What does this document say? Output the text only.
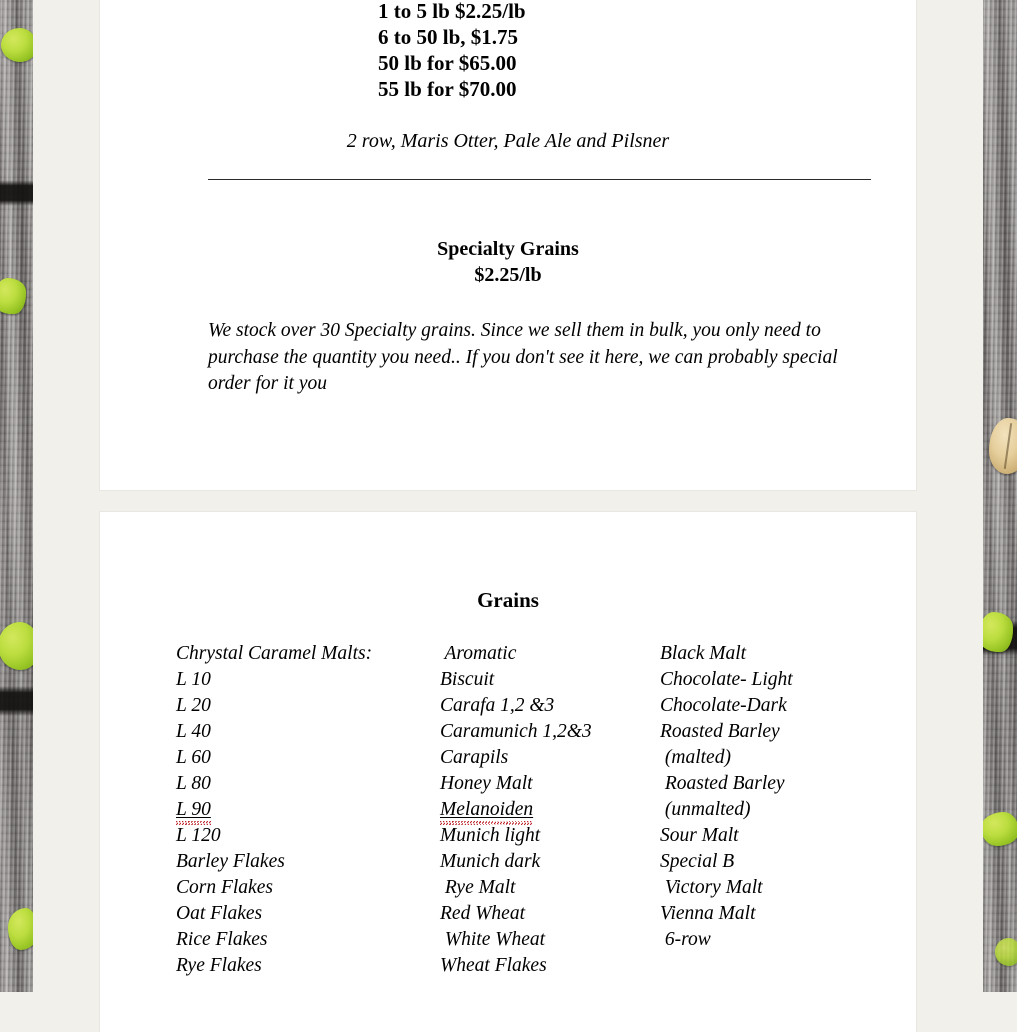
1 to 5 lb $2.25/lb
6 to 50 lb, $1.75
50 lb for $65.00
55 lb for $70.00
2 row, Maris Otter, Pale Ale and Pilsner
Specialty Grains
$2.25/lb
We stock over 30 Specialty grains. Since we sell them in bulk, you only need to purchase the quantity you need.. If you don't see it here, we can probably special order for it you
Grains
Chrystal Caramel Malts:
L 10
L 20
L 40
L 60
L 80
L 90
L 120
Barley Flakes
Corn Flakes
Oat Flakes
Rice Flakes
Rye Flakes
Aromatic
Biscuit
Carafa 1,2 &3
Caramunich 1,2&3
Carapils
Honey Malt
Melanoiden
Munich light
Munich dark
Rye Malt
Red Wheat
White Wheat
Wheat Flakes
Black Malt
Chocolate- Light
Chocolate-Dark
Roasted Barley
(malted)
Roasted Barley
(unmalted)
Sour Malt
Special B
Victory Malt
Vienna Malt
6-row
